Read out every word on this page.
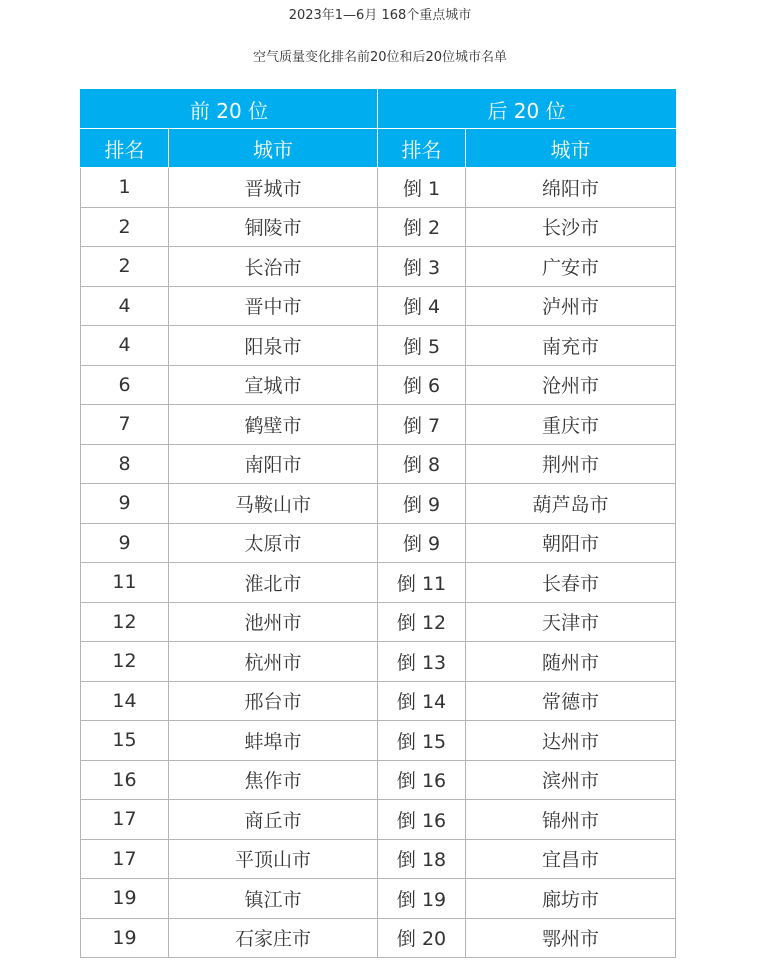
2023年1—6月 168个重点城市
空气质量变化排名前20位和后20位城市名单
前 20 位		后 20 位	
排名	城市	排名	城市
1	晋城市	倒 1	绵阳市
2	铜陵市	倒 2	长沙市
2	长治市	倒 3	广安市
4	晋中市	倒 4	泸州市
4	阳泉市	倒 5	南充市
6	宣城市	倒 6	沧州市
7	鹤壁市	倒 7	重庆市
8	南阳市	倒 8	荆州市
9	马鞍山市	倒 9	葫芦岛市
9	太原市	倒 9	朝阳市
11	淮北市	倒 11	长春市
12	池州市	倒 12	天津市
12	杭州市	倒 13	随州市
14	邢台市	倒 14	常德市
15	蚌埠市	倒 15	达州市
16	焦作市	倒 16	滨州市
17	商丘市	倒 16	锦州市
17	平顶山市	倒 18	宜昌市
19	镇江市	倒 19	廊坊市
19	石家庄市	倒 20	鄂州市
